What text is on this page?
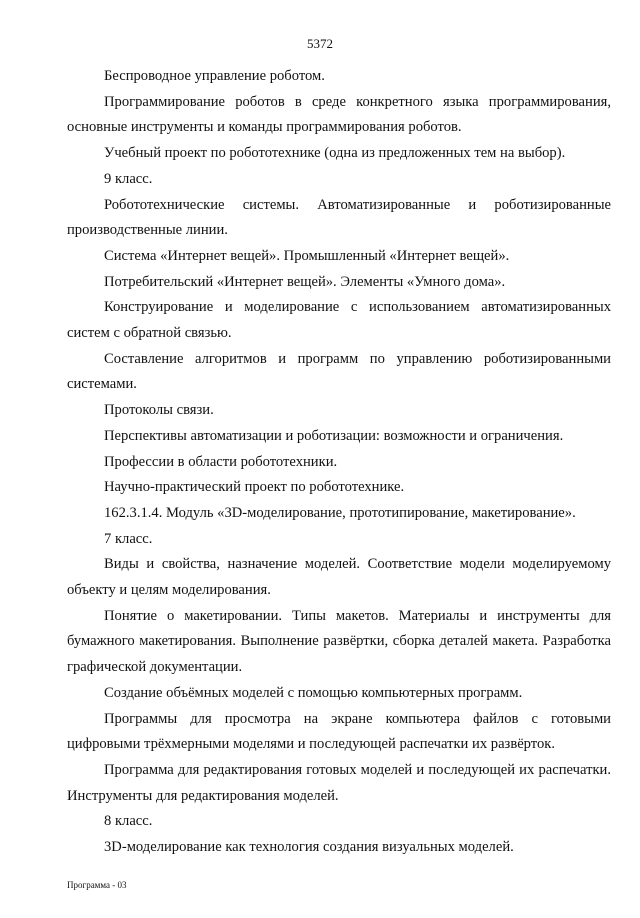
5372

Беспроводное управление роботом.

Программирование роботов в среде конкретного языка программирования, основные инструменты и команды программирования роботов.

Учебный проект по робототехнике (одна из предложенных тем на выбор).

9 класс.

Робототехнические системы. Автоматизированные и роботизированные производственные линии.

Система «Интернет вещей». Промышленный «Интернет вещей».

Потребительский «Интернет вещей». Элементы «Умного дома».

Конструирование и моделирование с использованием автоматизированных систем с обратной связью.

Составление алгоритмов и программ по управлению роботизированными системами.

Протоколы связи.

Перспективы автоматизации и роботизации: возможности и ограничения.

Профессии в области робототехники.

Научно-практический проект по робототехнике.

162.3.1.4. Модуль «3D-моделирование, прототипирование, макетирование».

7 класс.

Виды и свойства, назначение моделей. Соответствие модели моделируемому объекту и целям моделирования.

Понятие о макетировании. Типы макетов. Материалы и инструменты для бумажного макетирования. Выполнение развёртки, сборка деталей макета. Разработка графической документации.

Создание объёмных моделей с помощью компьютерных программ.

Программы для просмотра на экране компьютера файлов с готовыми цифровыми трёхмерными моделями и последующей распечатки их развёрток.

Программа для редактирования готовых моделей и последующей их распечатки. Инструменты для редактирования моделей.

8 класс.

3D-моделирование как технология создания визуальных моделей.

Программа - 03
